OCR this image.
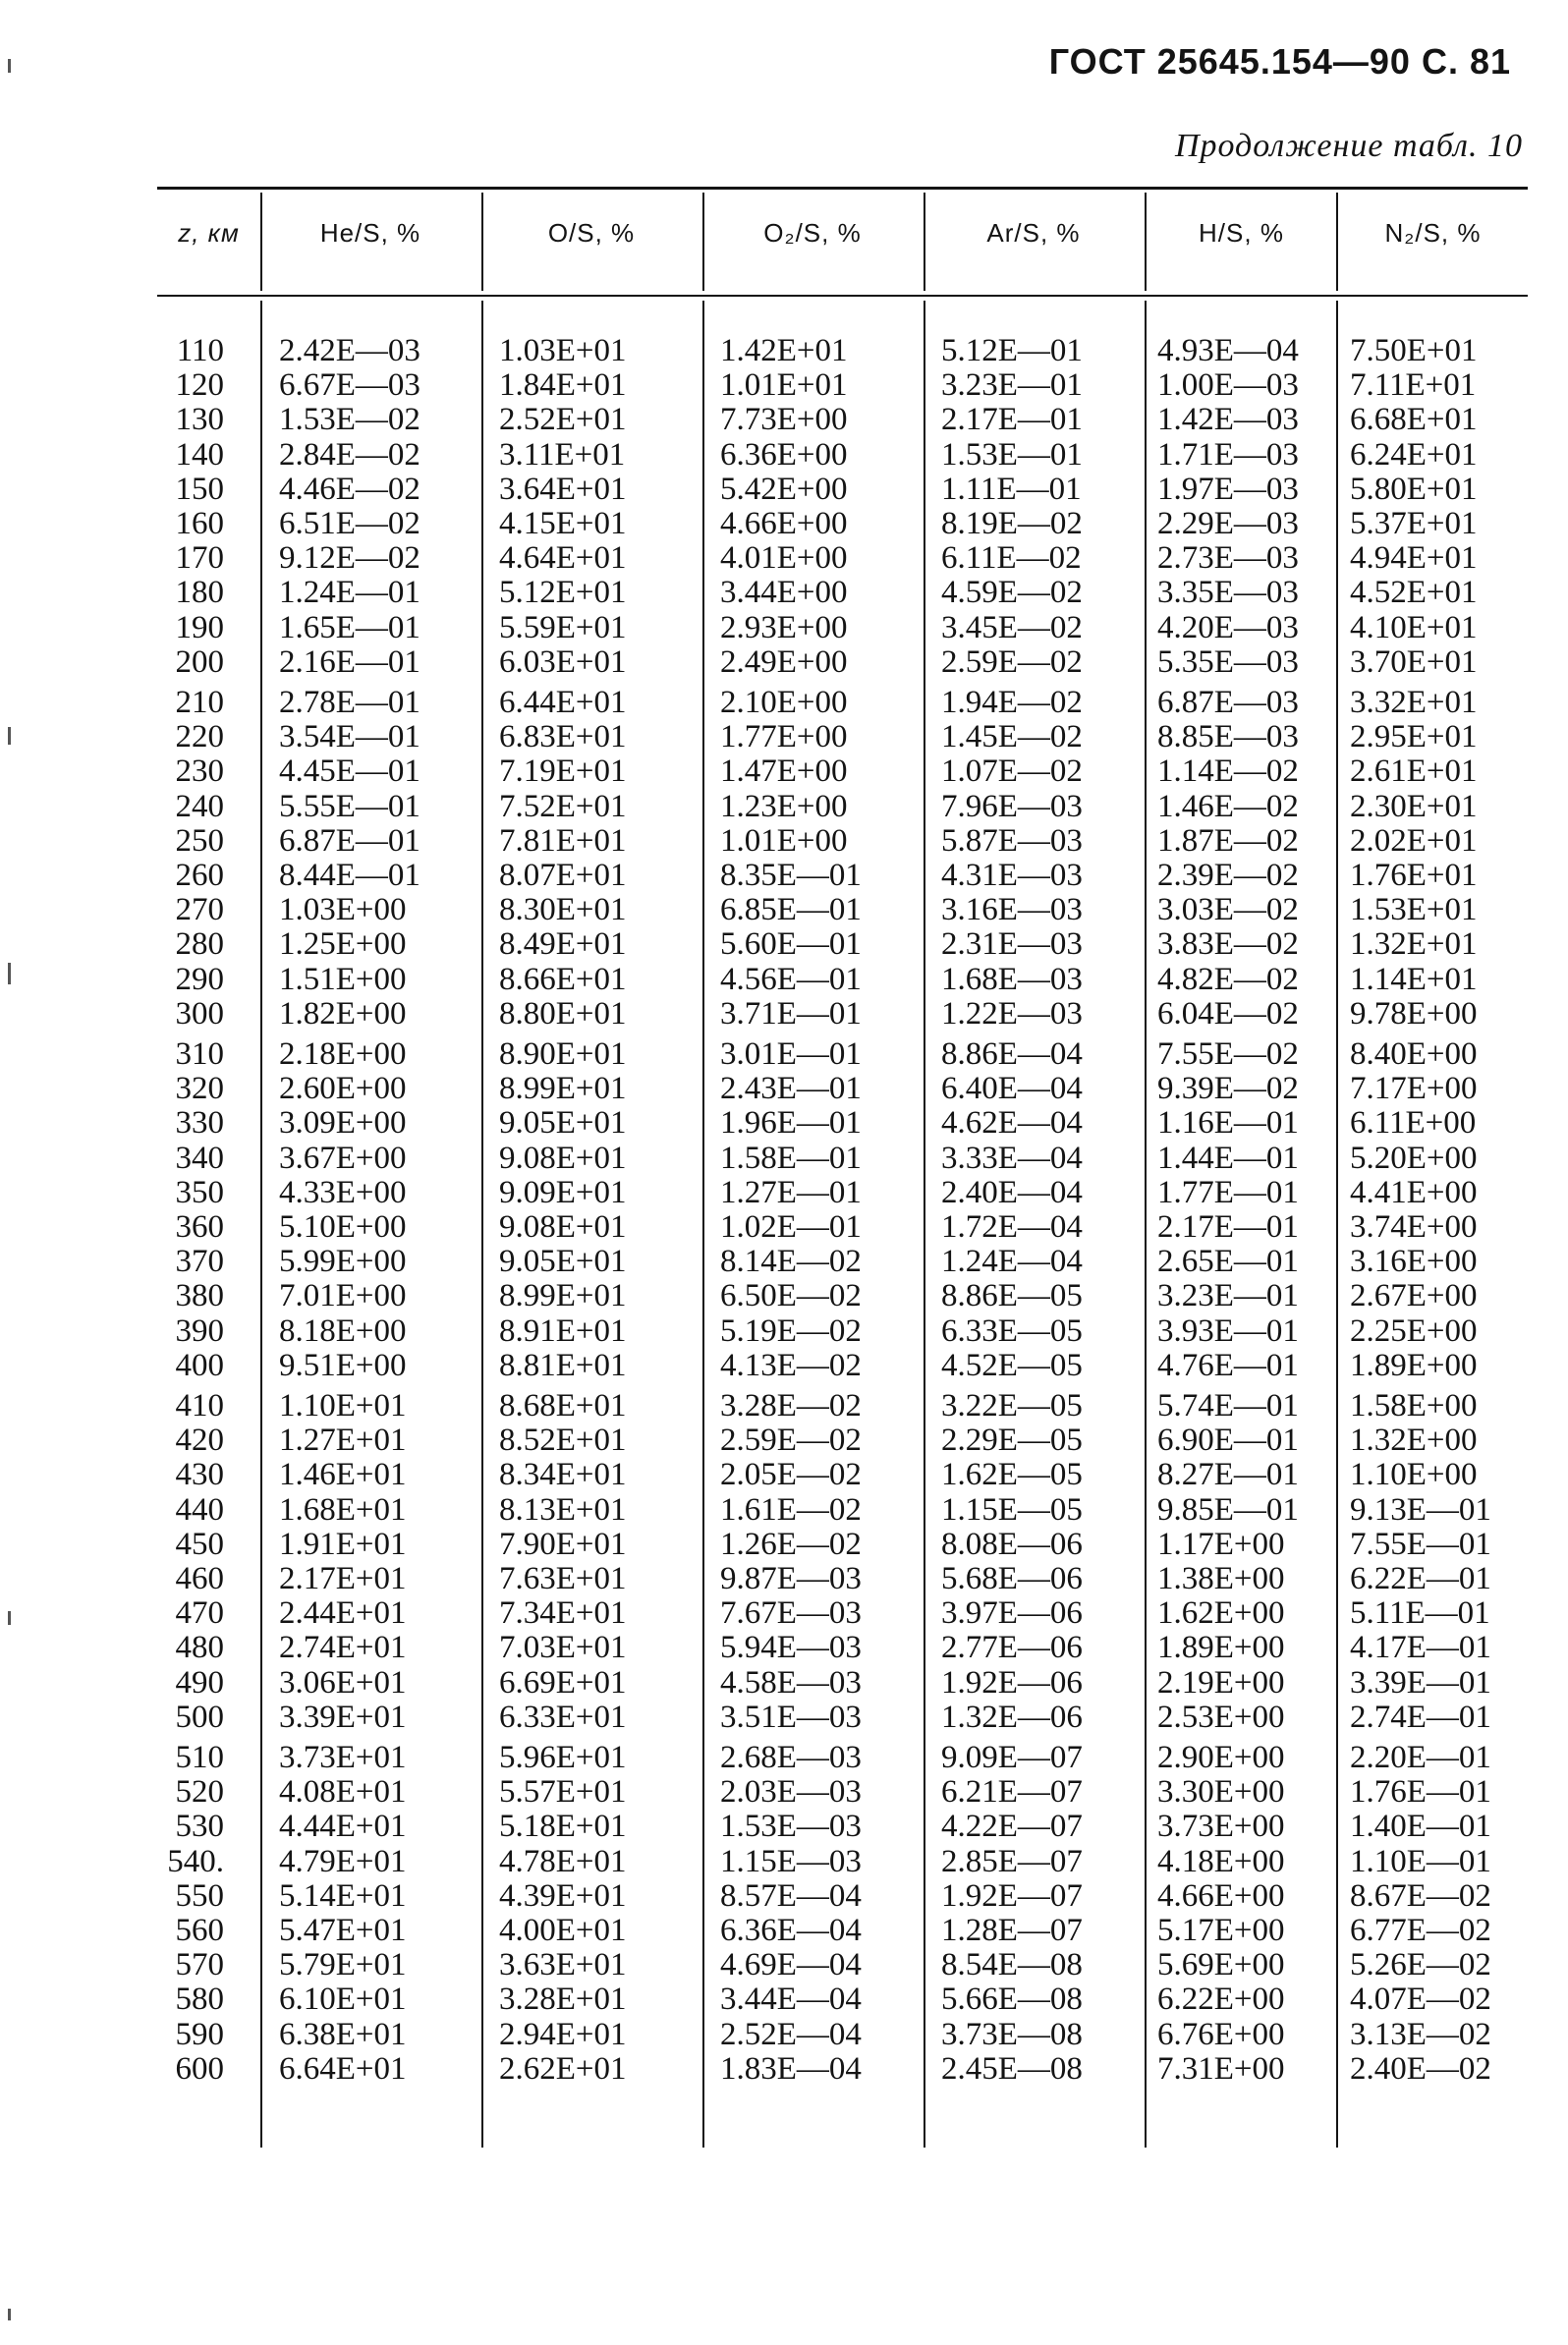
ГОСТ 25645.154—90 С. 81
Продолжение табл. 10
z, км	He/S, %	O/S, %	O₂/S, %	Ar/S, %	H/S, %	N₂/S, %
110 2.42E—03 1.03E+01	1.42E+01	5.12E—01 4.93E—04 7.50E+01
120 6.67E—03 1.84E+01	1.01E+01	3.23E—01 1.00E—03 7.11E+01
130 1.53E—02 2.52E+01	7.73E+00	2.17E—01 1.42E—03 6.68E+01
140 2.84E—02 3.11E+01	6.36E+00	1.53E—01 1.71E—03 6.24E+01
150 4.46E—02 3.64E+01	5.42E+00	1.11E—01 1.97E—03 5.80E+01
160 6.51E—02 4.15E+01	4.66E+00	8.19E—02 2.29E—03 5.37E+01
170 9.12E—02 4.64E+01	4.01E+00	6.11E—02 2.73E—03 4.94E+01
180 1.24E—01 5.12E+01	3.44E+00	4.59E—02 3.35E—03 4.52E+01
190 1.65E—01 5.59E+01	2.93E+00	3.45E—02 4.20E—03 4.10E+01
200 2.16E—01 6.03E+01	2.49E+00	2.59E—02 5.35E—03 3.70E+01
210 2.78E—01 6.44E+01	2.10E+00	1.94E—02 6.87E—03 3.32E+01
220 3.54E—01 6.83E+01	1.77E+00	1.45E—02 8.85E—03 2.95E+01
230 4.45E—01 7.19E+01	1.47E+00	1.07E—02 1.14E—02 2.61E+01
240 5.55E—01 7.52E+01	1.23E+00	7.96E—03 1.46E—02 2.30E+01
250 6.87E—01 7.81E+01	1.01E+00	5.87E—03 1.87E—02 2.02E+01
260 8.44E—01 8.07E+01	8.35E—01 4.31E—03 2.39E—02 1.76E+01
270 1.03E+00	8.30E+01	6.85E—01 3.16E—03 3.03E—02 1.53E+01
280 1.25E+00	8.49E+01	5.60E—01 2.31E—03 3.83E—02 1.32E+01
290 1.51E+00	8.66E+01	4.56E—01 1.68E—03 4.82E—02 1.14E+01
300 1.82E+00	8.80E+01	3.71E—01 1.22E—03 6.04E—02 9.78E+00
310 2.18E+00	8.90E+01	3.01E—01 8.86E—04 7.55E—02 8.40E+00
320 2.60E+00	8.99E+01	2.43E—01 6.40E—04 9.39E—02 7.17E+00
330 3.09E+00	9.05E+01	1.96E—01 4.62E—04 1.16E—01 6.11E+00
340 3.67E+00	9.08E+01	1.58E—01 3.33E—04 1.44E—01 5.20E+00
350 4.33E+00	9.09E+01	1.27E—01 2.40E—04 1.77E—01 4.41E+00
360 5.10E+00	9.08E+01	1.02E—01 1.72E—04 2.17E—01 3.74E+00
370 5.99E+00	9.05E+01	8.14E—02 1.24E—04 2.65E—01 3.16E+00
380 7.01E+00	8.99E+01	6.50E—02 8.86E—05 3.23E—01 2.67E+00
390 8.18E+00	8.91E+01	5.19E—02 6.33E—05 3.93E—01 2.25E+00
400 9.51E+00	8.81E+01	4.13E—02 4.52E—05 4.76E—01 1.89E+00
410 1.10E+01	8.68E+01	3.28E—02 3.22E—05 5.74E—01 1.58E+00
420 1.27E+01	8.52E+01	2.59E—02 2.29E—05 6.90E—01 1.32E+00
430 1.46E+01	8.34E+01	2.05E—02 1.62E—05 8.27E—01 1.10E+00
440 1.68E+01	8.13E+01	1.61E—02 1.15E—05 9.85E—01 9.13E—01
450 1.91E+01	7.90E+01	1.26E—02 8.08E—06 1.17E+00 7.55E—01
460 2.17E+01	7.63E+01	9.87E—03 5.68E—06 1.38E+00 6.22E—01
470 2.44E+01	7.34E+01	7.67E—03 3.97E—06 1.62E+00 5.11E—01
480 2.74E+01	7.03E+01	5.94E—03 2.77E—06 1.89E+00 4.17E—01
490 3.06E+01	6.69E+01	4.58E—03 1.92E—06 2.19E+00 3.39E—01
500 3.39E+01	6.33E+01	3.51E—03 1.32E—06 2.53E+00 2.74E—01
510 3.73E+01	5.96E+01	2.68E—03 9.09E—07 2.90E+00 2.20E—01
520 4.08E+01	5.57E+01	2.03E—03 6.21E—07 3.30E+00 1.76E—01
530 4.44E+01	5.18E+01	1.53E—03 4.22E—07 3.73E+00 1.40E—01
540. 4.79E+01	4.78E+01	1.15E—03 2.85E—07 4.18E+00 1.10E—01
550 5.14E+01	4.39E+01	8.57E—04 1.92E—07 4.66E+00 8.67E—02
560 5.47E+01	4.00E+01	6.36E—04 1.28E—07 5.17E+00 6.77E—02
570 5.79E+01	3.63E+01	4.69E—04 8.54E—08 5.69E+00 5.26E—02
580 6.10E+01	3.28E+01	3.44E—04 5.66E—08 6.22E+00 4.07E—02
590 6.38E+01	2.94E+01	2.52E—04 3.73E—08 6.76E+00 3.13E—02
600 6.64E+01	2.62E+01	1.83E—04 2.45E—08 7.31E+00 2.40E—02
